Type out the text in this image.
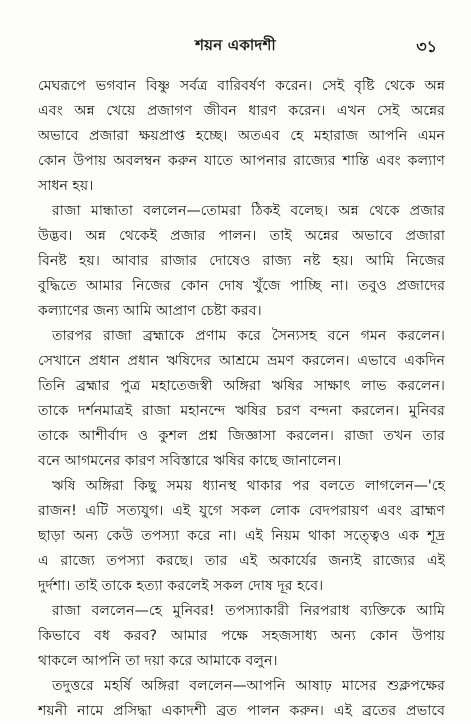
শয়ন একাদশী	৩১
মেঘরূপে ভগবান বিষ্ণু সর্বত্র বারিবর্ষণ করেন। সেই বৃষ্টি থেকে অন্ন
এবং অন্ন খেয়ে প্রজাগণ জীবন ধারণ করেন। এখন সেই অন্নের
অভাবে প্রজারা ক্ষয়প্রাপ্ত হচ্ছে। অতএব হে মহারাজ আপনি এমন
কোন উপায় অবলম্বন করুন যাতে আপনার রাজ্যের শান্তি এবং কল্যাণ
সাধন হয়।
রাজা মান্ধাতা বললেন—তোমরা ঠিকই বলেছ। অন্ন থেকে প্রজার
উদ্ভব। অন্ন থেকেই প্রজার পালন। তাই অন্নের অভাবে প্রজারা
বিনষ্ট হয়। আবার রাজার দোষেও রাজ্য নষ্ট হয়। আমি নিজের
বুদ্ধিতে আমার নিজের কোন দোষ খুঁজে পাচ্ছি না। তবুও প্রজাদের
কল্যাণের জন্য আমি আপ্রাণ চেষ্টা করব।
তারপর রাজা ব্রহ্মাকে প্রণাম করে সৈন্যসহ বনে গমন করলেন।
সেখানে প্রধান প্রধান ঋষিদের আশ্রমে ভ্রমণ করলেন। এভাবে একদিন
তিনি ব্রহ্মার পুত্র মহাতেজস্বী অঙ্গিরা ঋষির সাক্ষাৎ লাভ করলেন।
তাকে দর্শনমাত্রই রাজা মহানন্দে ঋষির চরণ বন্দনা করলেন। মুনিবর
তাকে আশীর্বাদ ও কুশল প্রশ্ন জিজ্ঞাসা করলেন। রাজা তখন তার
বনে আগমনের কারণ সবিস্তারে ঋষির কাছে জানালেন।
ঋষি অঙ্গিরা কিছু সময় ধ্যানস্থ থাকার পর বলতে লাগলেন—'হে
রাজন! এটি সত্যযুগ। এই যুগে সকল লোক বেদপরায়ণ এবং ব্রাহ্মণ
ছাড়া অন্য কেউ তপস্যা করে না। এই নিয়ম থাকা সত্ত্বেও এক শূদ্র
এ রাজ্যে তপস্যা করছে। তার এই অকার্যের জন্যই রাজ্যের এই
দুর্দশা। তাই তাকে হত্যা করলেই সকল দোষ দূর হবে।
রাজা বললেন—হে মুনিবর! তপস্যাকারী নিরপরাধ ব্যক্তিকে আমি
কিভাবে বধ করব? আমার পক্ষে সহজসাধ্য অন্য কোন উপায়
থাকলে আপনি তা দয়া করে আমাকে বলুন।
তদুত্তরে মহর্ষি অঙ্গিরা বললেন—আপনি আষাঢ় মাসের শুক্লপক্ষের
শয়নী নামে প্রসিদ্ধা একাদশী ব্রত পালন করুন। এই ব্রতের প্রভাবে
